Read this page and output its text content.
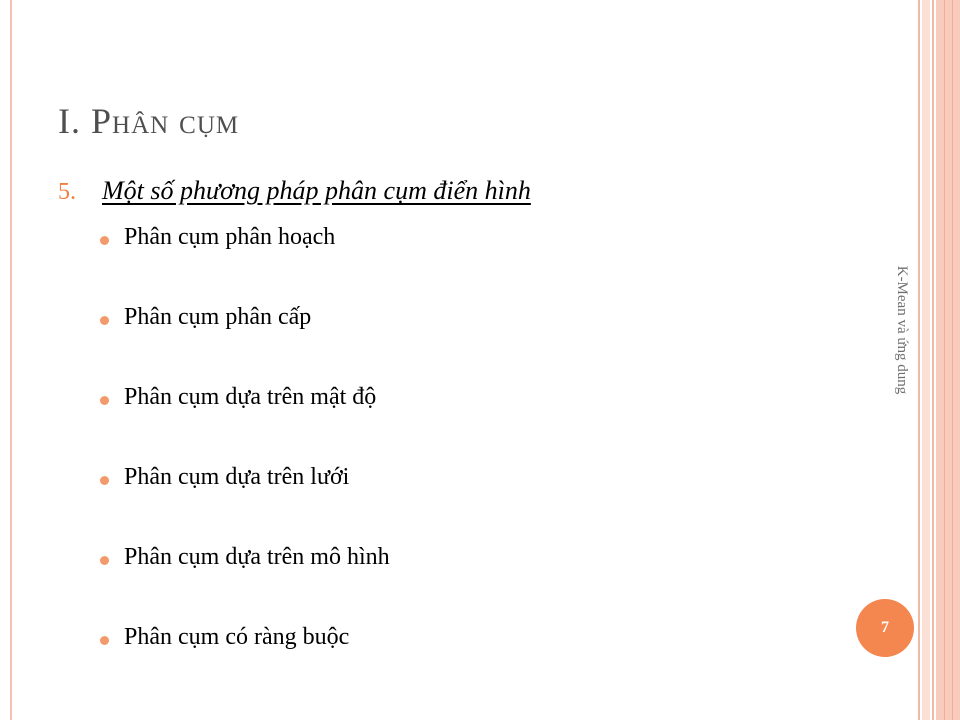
I. Phân cụm
5. Một số phương pháp phân cụm điển hình
Phân cụm phân hoạch
Phân cụm phân cấp
Phân cụm dựa trên mật độ
Phân cụm dựa trên lưới
Phân cụm dựa trên mô hình
Phân cụm có ràng buộc
K-Mean và ứng dung
7
